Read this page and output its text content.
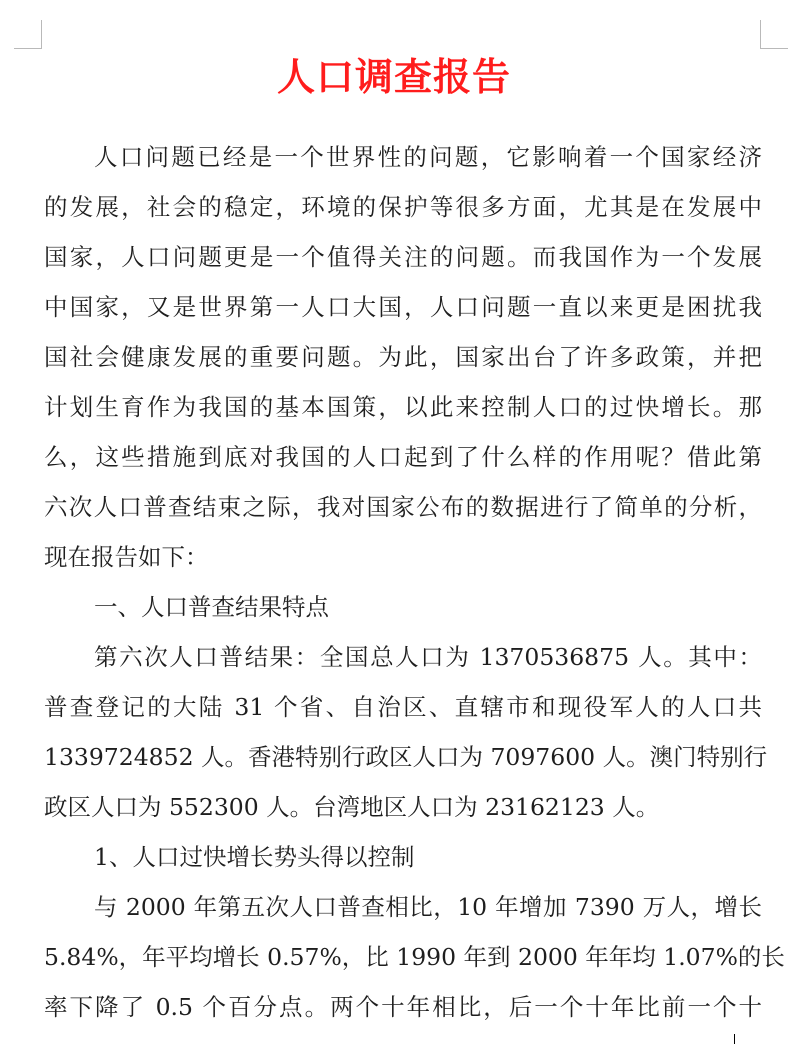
人口调查报告
人口问题已经是一个世界性的问题，它影响着一个国家经济
的发展，社会的稳定，环境的保护等很多方面，尤其是在发展中
国家，人口问题更是一个值得关注的问题。而我国作为一个发展
中国家，又是世界第一人口大国，人口问题一直以来更是困扰我
国社会健康发展的重要问题。为此，国家出台了许多政策，并把
计划生育作为我国的基本国策，以此来控制人口的过快增长。那
么，这些措施到底对我国的人口起到了什么样的作用呢？借此第
六次人口普查结束之际，我对国家公布的数据进行了简单的分析，
现在报告如下：
一、人口普查结果特点
第六次人口普结果：全国总人口为 1370536875 人。其中：
普查登记的大陆 31 个省、自治区、直辖市和现役军人的人口共
1339724852 人。香港特别行政区人口为 7097600 人。澳门特别行
政区人口为 552300 人。台湾地区人口为 23162123 人。
1、人口过快增长势头得以控制
与 2000 年第五次人口普查相比，10 年增加 7390 万人，增长
5.84%，年平均增长 0.57%，比 1990 年到 2000 年年均 1.07%的长
率下降了 0.5 个百分点。两个十年相比，后一个十年比前一个十
